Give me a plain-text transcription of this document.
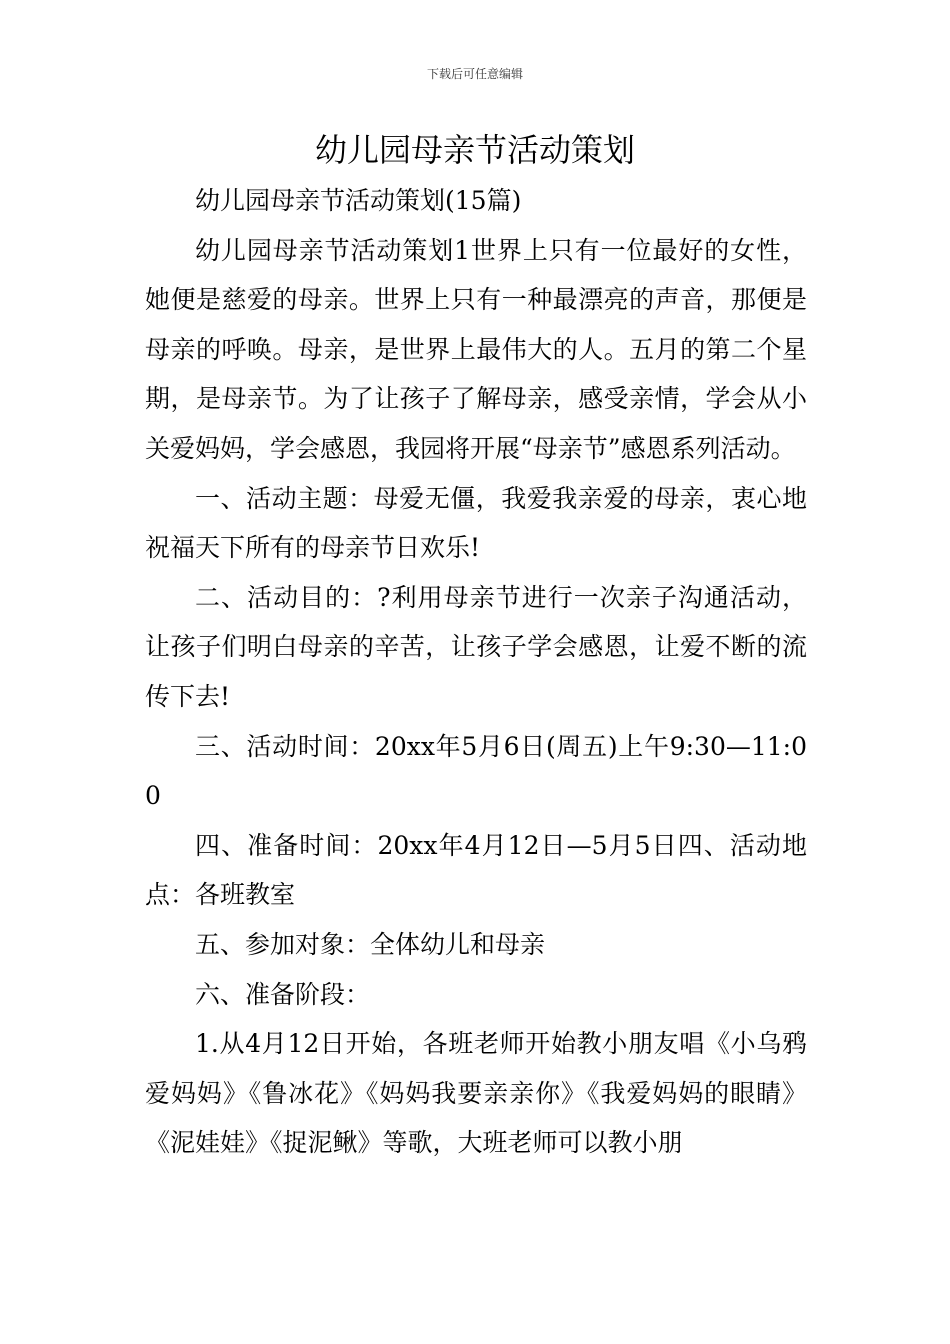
下载后可任意编辑
幼儿园母亲节活动策划

幼儿园母亲节活动策划(15篇)

幼儿园母亲节活动策划1世界上只有一位最好的女性，她便是慈爱的母亲。世界上只有一种最漂亮的声音，那便是母亲的呼唤。母亲，是世界上最伟大的人。五月的第二个星期，是母亲节。为了让孩子了解母亲，感受亲情，学会从小关爱妈妈，学会感恩，我园将开展“母亲节”感恩系列活动。

一、活动主题：母爱无僵，我爱我亲爱的母亲，衷心地祝福天下所有的母亲节日欢乐!

二、活动目的：?利用母亲节进行一次亲子沟通活动，让孩子们明白母亲的辛苦，让孩子学会感恩，让爱不断的流传下去!

三、活动时间：20xx年5月6日(周五)上午9:30—11:00

四、准备时间：20xx年4月12日—5月5日四、活动地点：各班教室

五、参加对象：全体幼儿和母亲

六、准备阶段：

1.从4月12日开始，各班老师开始教小朋友唱《小乌鸦爱妈妈》《鲁冰花》《妈妈我要亲亲你》《我爱妈妈的眼睛》《泥娃娃》《捉泥鳅》等歌，大班老师可以教小朋
